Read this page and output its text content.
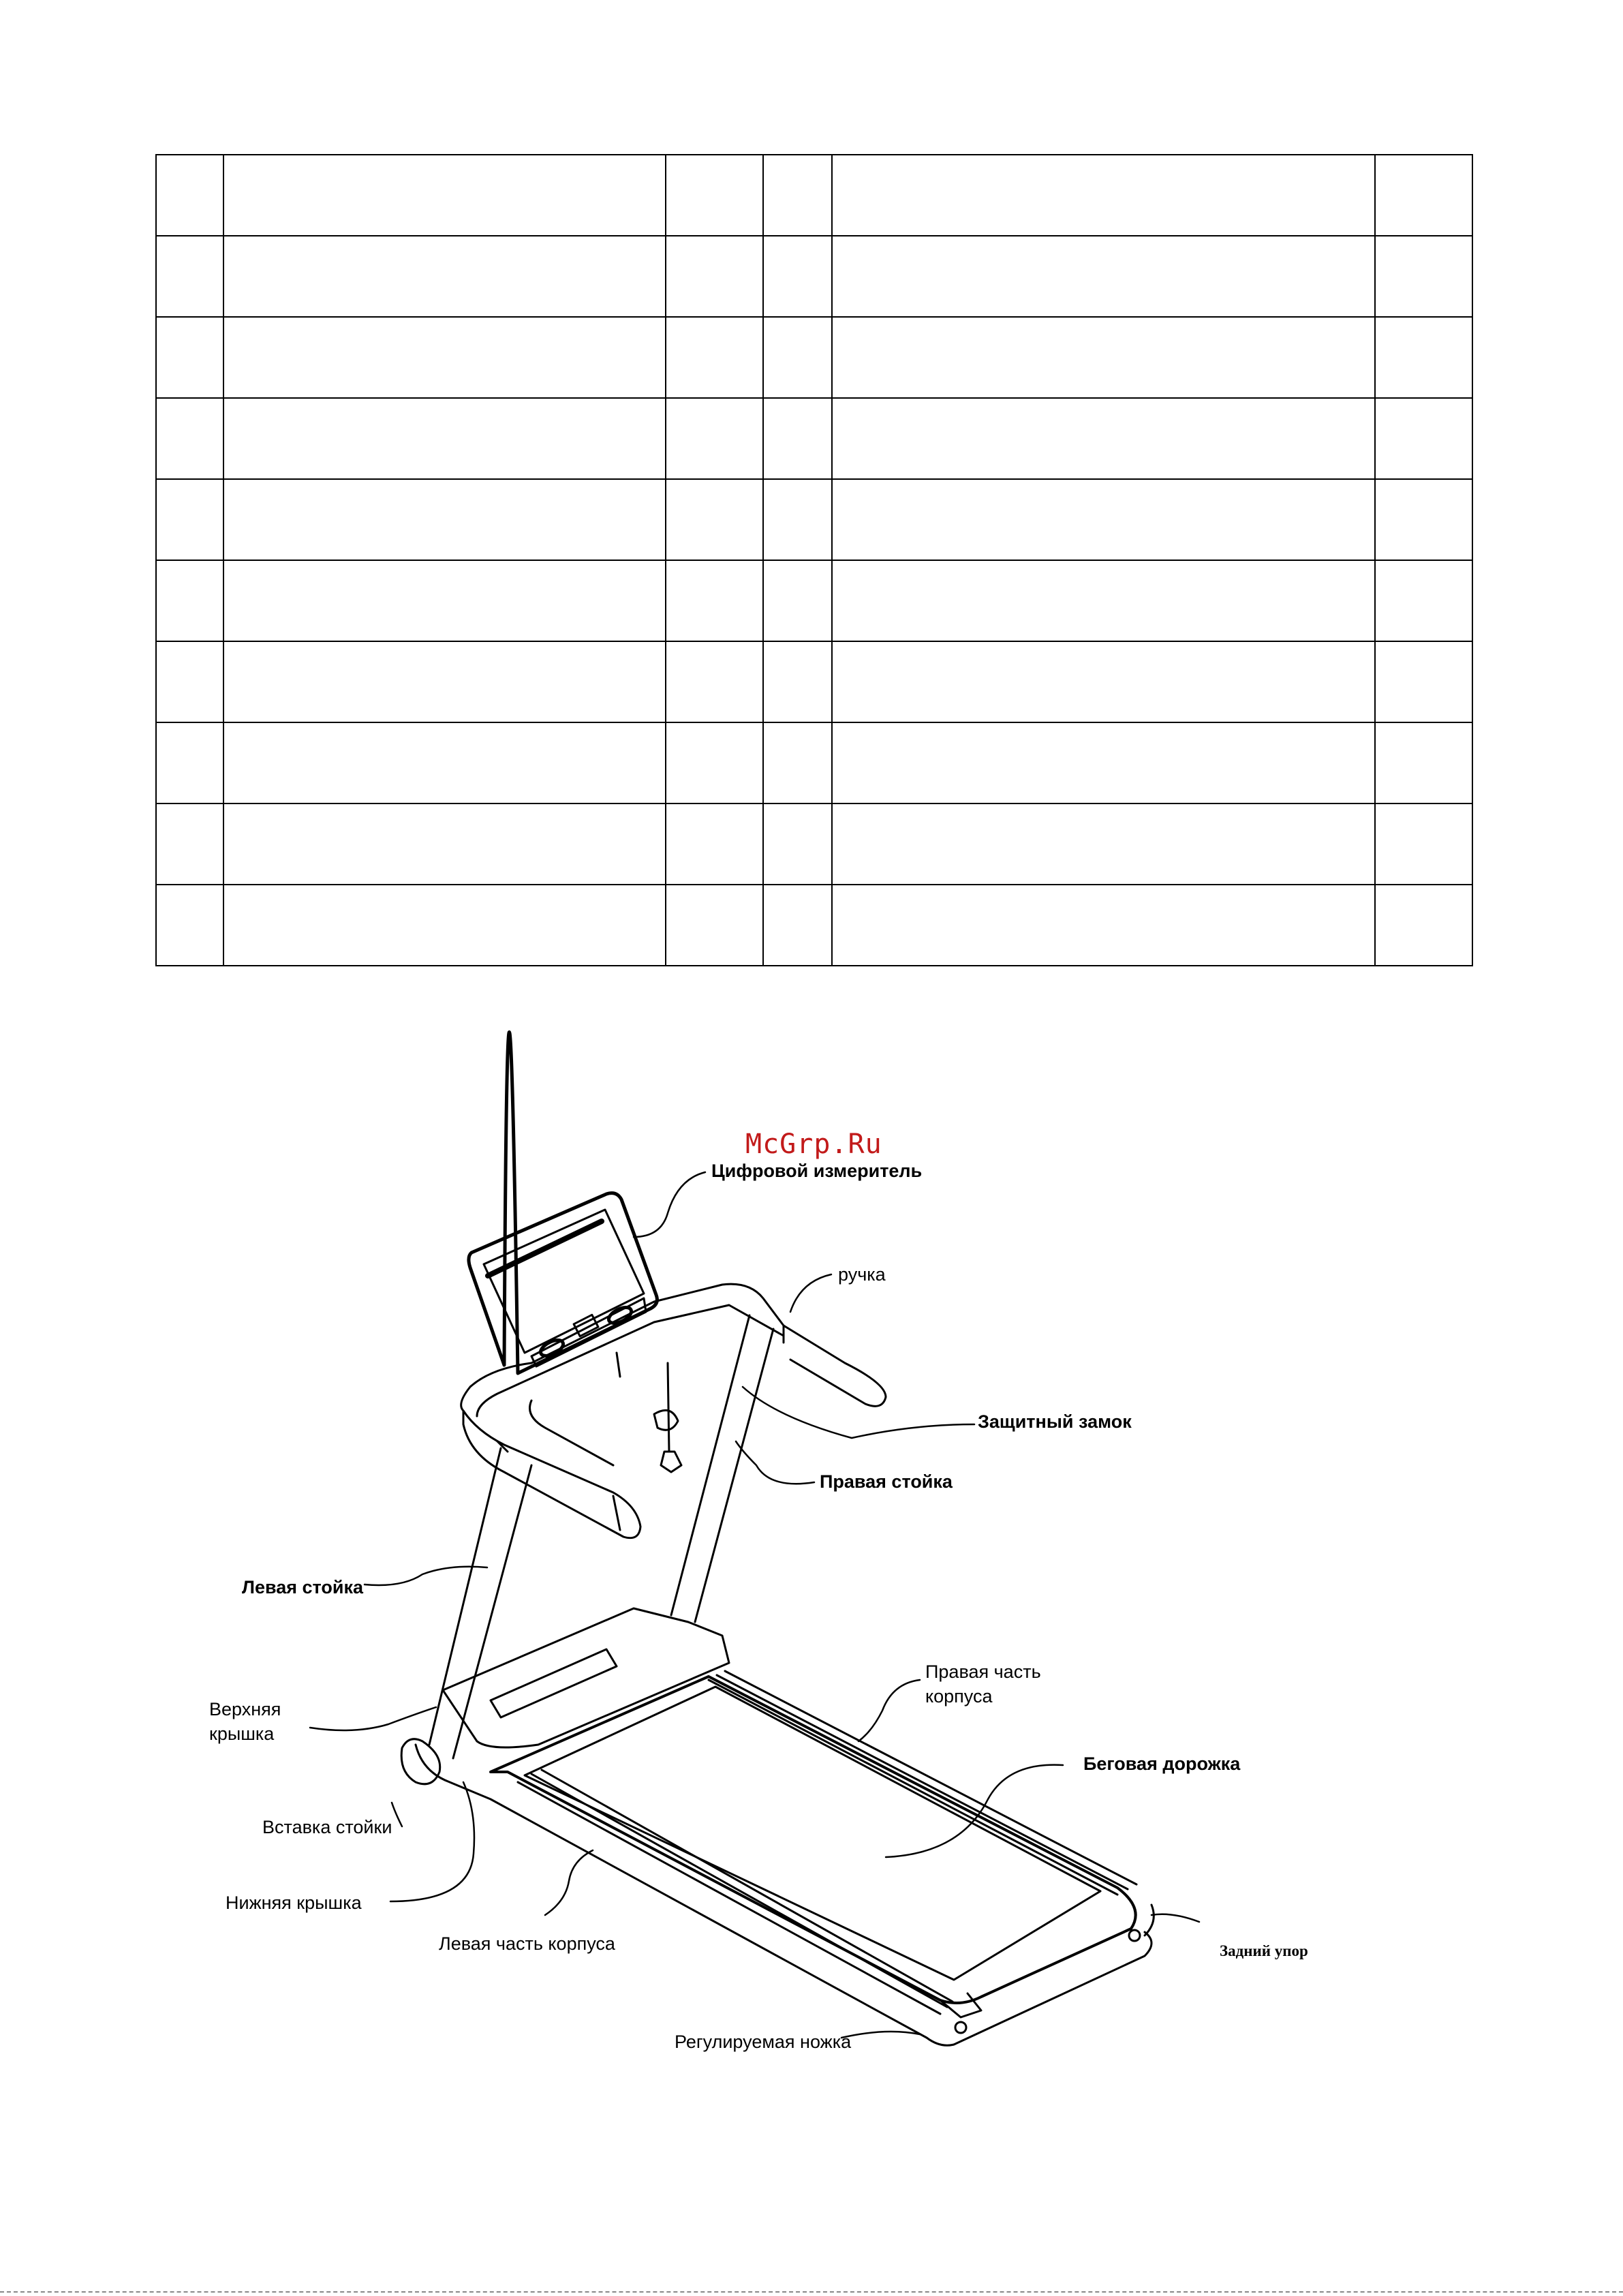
McGrp.Ru
Цифровой измеритель
ручка
Защитный замок
Правая стойка
Левая стойка
Правая часть корпуса
Верхняя крышка
Беговая дорожка
Вставка стойки
Нижняя крышка
Левая часть корпуса	Задний упор
Регулируемая ножка
